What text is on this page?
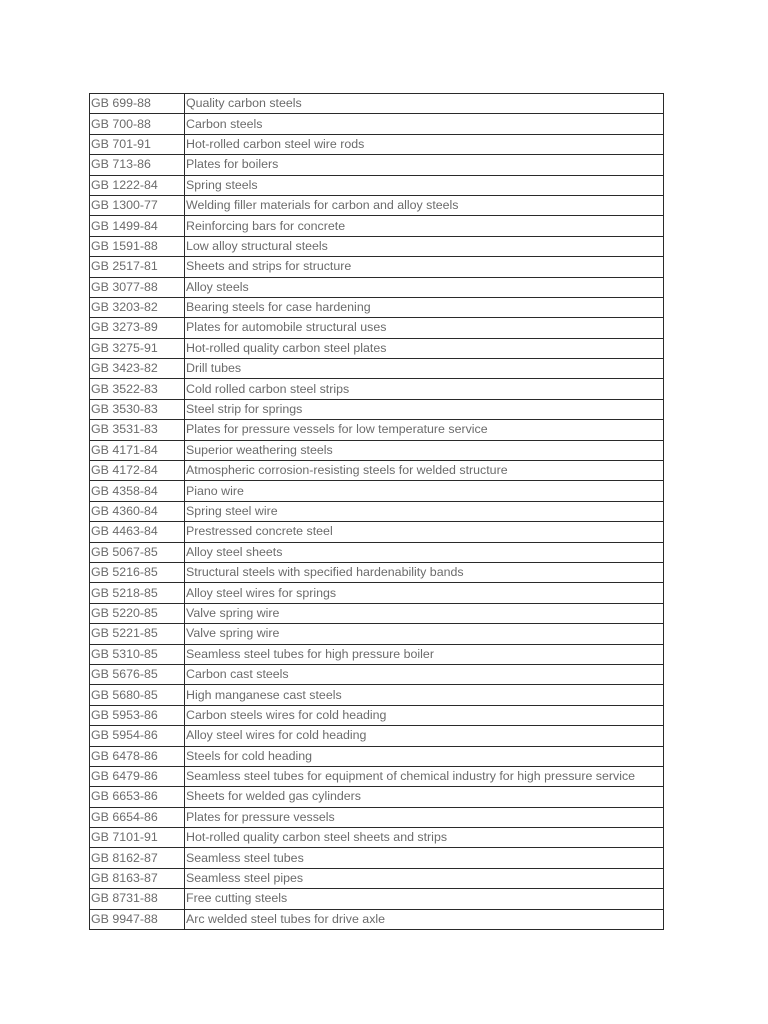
GB 699-88	Quality carbon steels
GB 700-88	Carbon steels
GB 701-91	Hot-rolled carbon steel wire rods
GB 713-86	Plates for boilers
GB 1222-84	Spring steels
GB 1300-77	Welding filler materials for carbon and alloy steels
GB 1499-84	Reinforcing bars for concrete
GB 1591-88	Low alloy structural steels
GB 2517-81	Sheets and strips for structure
GB 3077-88	Alloy steels
GB 3203-82	Bearing steels for case hardening
GB 3273-89	Plates for automobile structural uses
GB 3275-91	Hot-rolled quality carbon steel plates
GB 3423-82	Drill tubes
GB 3522-83	Cold rolled carbon steel strips
GB 3530-83	Steel strip for springs
GB 3531-83	Plates for pressure vessels for low temperature service
GB 4171-84	Superior weathering steels
GB 4172-84	Atmospheric corrosion-resisting steels for welded structure
GB 4358-84	Piano wire
GB 4360-84	Spring steel wire
GB 4463-84	Prestressed concrete steel
GB 5067-85	Alloy steel sheets
GB 5216-85	Structural steels with specified hardenability bands
GB 5218-85	Alloy steel wires for springs
GB 5220-85	Valve spring wire
GB 5221-85	Valve spring wire
GB 5310-85	Seamless steel tubes for high pressure boiler
GB 5676-85	Carbon cast steels
GB 5680-85	High manganese cast steels
GB 5953-86	Carbon steels wires for cold heading
GB 5954-86	Alloy steel wires for cold heading
GB 6478-86	Steels for cold heading
GB 6479-86	Seamless steel tubes for equipment of chemical industry for high pressure service
GB 6653-86	Sheets for welded gas cylinders
GB 6654-86	Plates for pressure vessels
GB 7101-91	Hot-rolled quality carbon steel sheets and strips
GB 8162-87	Seamless steel tubes
GB 8163-87	Seamless steel pipes
GB 8731-88	Free cutting steels
GB 9947-88	Arc welded steel tubes for drive axle
